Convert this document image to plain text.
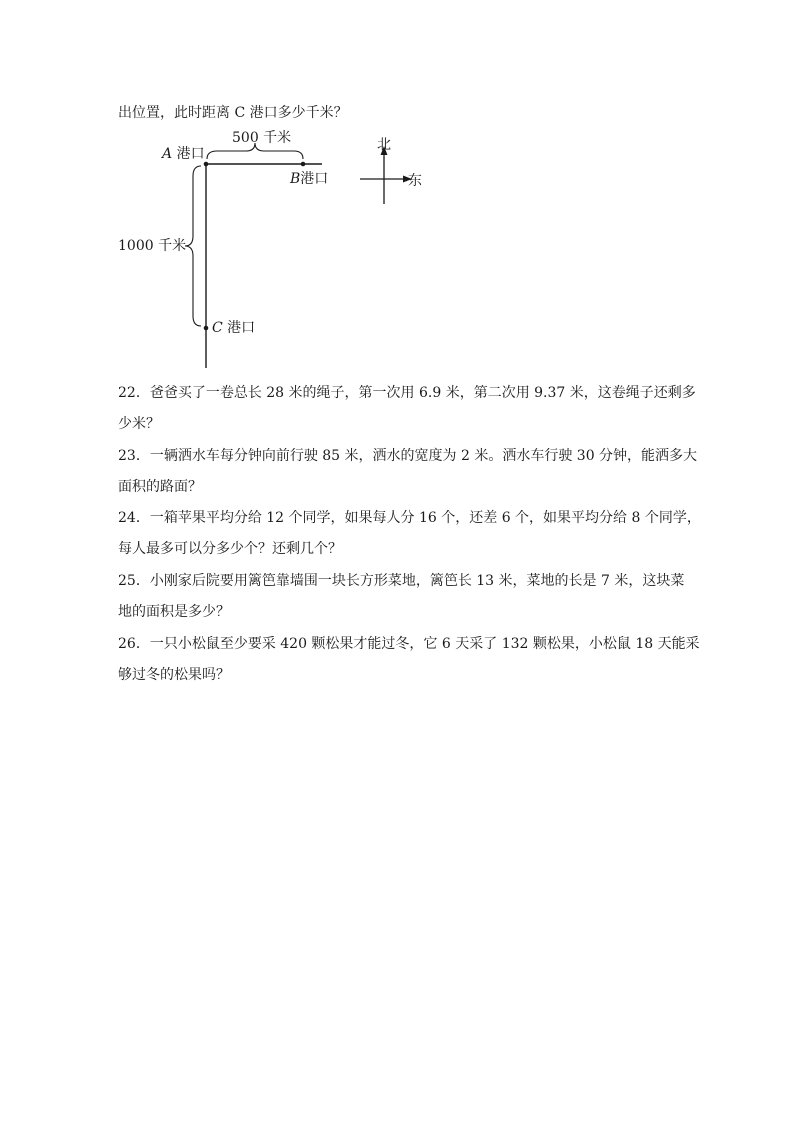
出位置，此时距离 C 港口多少千米？
A 港口
B港口
C 港口
500 千米
1000 千米
北
东
22．爸爸买了一卷总长 28 米的绳子，第一次用 6.9 米，第二次用 9.37 米，这卷绳子还剩多
少米？
23．一辆洒水车每分钟向前行驶 85 米，洒水的宽度为 2 米。洒水车行驶 30 分钟，能洒多大
面积的路面？
24．一箱苹果平均分给 12 个同学，如果每人分 16 个，还差 6 个，如果平均分给 8 个同学，
每人最多可以分多少个？还剩几个？
25．小刚家后院要用篱笆靠墙围一块长方形菜地，篱笆长 13 米，菜地的长是 7 米，这块菜
地的面积是多少？
26．一只小松鼠至少要采 420 颗松果才能过冬，它 6 天采了 132 颗松果，小松鼠 18 天能采
够过冬的松果吗？
